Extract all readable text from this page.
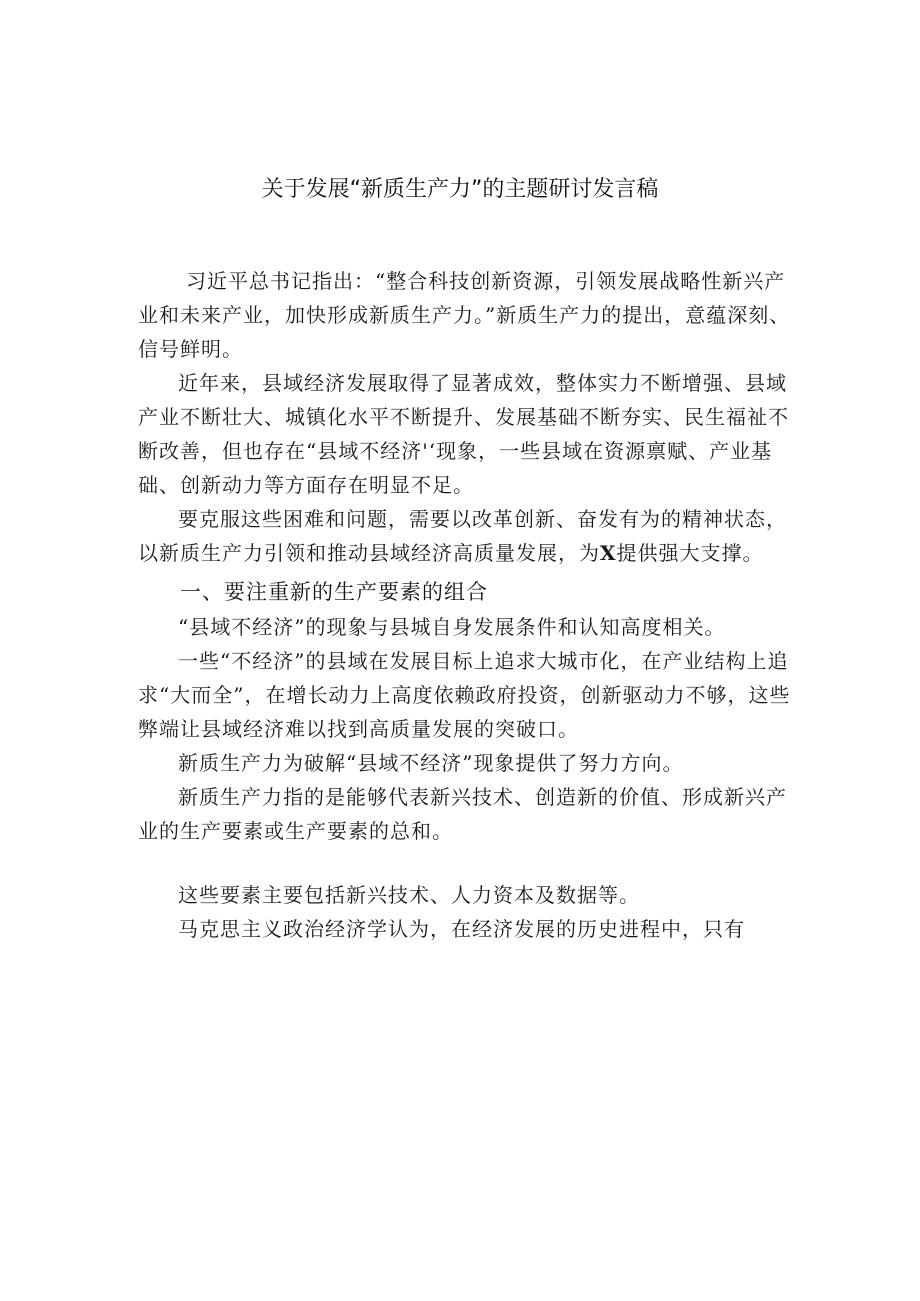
关于发展“新质生产力”的主题研讨发言稿

习近平总书记指出：“整合科技创新资源，引领发展战略性新兴产业和未来产业，加快形成新质生产力。”新质生产力的提出，意蕴深刻、信号鲜明。

近年来，县域经济发展取得了显著成效，整体实力不断增强、县域产业不断壮大、城镇化水平不断提升、发展基础不断夯实、民生福祉不断改善，但也存在“县域不经济'‘现象，一些县域在资源禀赋、产业基础、创新动力等方面存在明显不足。

要克服这些困难和问题，需要以改革创新、奋发有为的精神状态，以新质生产力引领和推动县域经济高质量发展，为X提供强大支撑。

一、要注重新的生产要素的组合

“县域不经济”的现象与县城自身发展条件和认知高度相关。

一些“不经济”的县域在发展目标上追求大城市化，在产业结构上追求“大而全”，在增长动力上高度依赖政府投资，创新驱动力不够，这些弊端让县域经济难以找到高质量发展的突破口。

新质生产力为破解“县域不经济”现象提供了努力方向。

新质生产力指的是能够代表新兴技术、创造新的价值、形成新兴产业的生产要素或生产要素的总和。

这些要素主要包括新兴技术、人力资本及数据等。

马克思主义政治经济学认为，在经济发展的历史进程中，只有
